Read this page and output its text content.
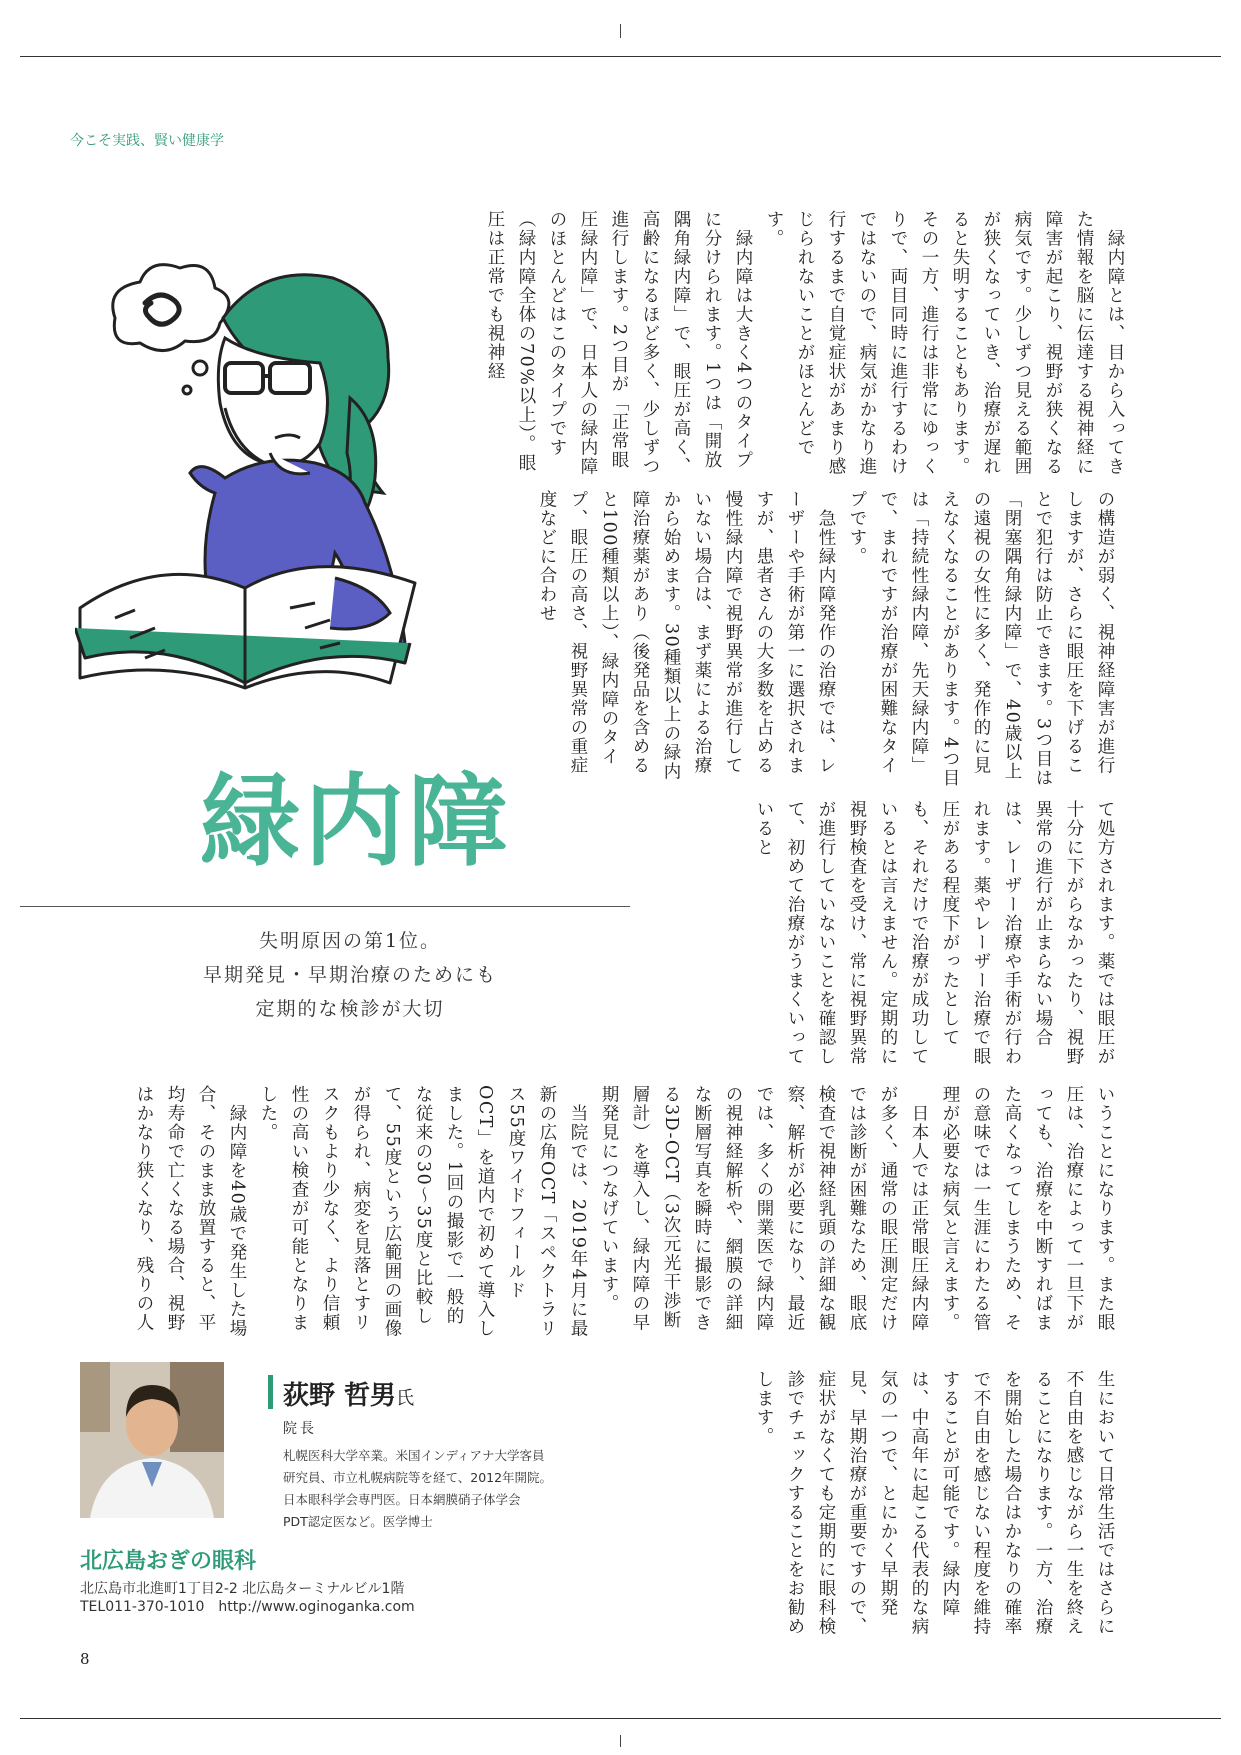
今こそ実践、賢い健康学

　緑内障とは、目から入ってきた情報を脳に伝達する視神経に障害が起こり、視野が狭くなる病気です。少しずつ見える範囲が狭くなっていき、治療が遅れると失明することもあります。その一方、進行は非常にゆっくりで、両目同時に進行するわけではないので、病気がかなり進行するまで自覚症状があまり感じられないことがほとんどです。

　緑内障は大きく4つのタイプに分けられます。1つは「開放隅角緑内障」で、眼圧が高く、高齢になるほど多く、少しずつ進行します。2つ目が「正常眼圧緑内障」で、日本人の緑内障のほとんどはこのタイプです（緑内障全体の70%以上）。眼圧は正常でも視神経

緑内障
失明原因の第1位。
早期発見・早期治療のためにも
定期的な検診が大切	て処方されます。薬では眼圧が十分に下がらなかったり、視野異常の進行が止まらない場合は、レーザー治療や手術が行われます。薬やレーザー治療で眼圧がある程度下がったとしても、それだけで治療が成功しているとは言えません。定期的に視野検査を受け、常に視野異常が進行していないことを確認して、初めて治療がうまくいっていると

いうことになります。また眼圧は、治療によって一旦下がっても、治療を中断すればまた高くなってしまうため、その意味では一生涯にわたる管理が必要な病気と言えます。

　日本人では正常眼圧緑内障が多く、通常の眼圧測定だけでは診断が困難なため、眼底検査で視神経乳頭の詳細な観察、解析が必要になり、最近では、多くの開業医で緑内障の視神経解析や、網膜の詳細な断層写真を瞬時に撮影できる3D-OCT（3次元光干渉断層計）を導入し、緑内障の早期発見につなげています。

　当院では、2019年4月に最新の広角OCT「スペクトラリス55度ワイドフィールドOCT」を道内で初めて導入しました。1回の撮影で一般的な従来の30～35度と比較して、55度という広範囲の画像が得られ、病変を見落とすリスクもより少なく、より信頼性の高い検査が可能となりました。

　緑内障を40歳で発生した場合、そのまま放置すると、平均寿命で亡くなる場合、視野はかなり狭くなり、残りの人

生において日常生活ではさらに不自由を感じながら一生を終えることになります。一方、治療を開始した場合はかなりの確率で不自由を感じない程度を維持することが可能です。緑内障は、中高年に起こる代表的な病気の一つで、とにかく早期発見、早期治療が重要ですので、症状がなくても定期的に眼科検診でチェックすることをお勧めします。

荻野 哲男氏
院長
札幌医科大学卒業。米国インディアナ大学客員
研究員、市立札幌病院等を経て、2012年開院。
日本眼科学会専門医。日本網膜硝子体学会
PDT認定医など。医学博士
北広島おぎの眼科
北広島市北進町1丁目2-2 北広島ターミナルビル1階
TEL011-370-1010 http://www.oginoganka.com
8

の構造が弱く、視神経障害が進行しますが、さらに眼圧を下げることで犯行は防止できます。3つ目は「閉塞隅角緑内障」で、40歳以上の遠視の女性に多く、発作的に見えなくなることがあります。4つ目は「持続性緑内障、先天緑内障」で、まれですが治療が困難なタイプです。

　急性緑内障発作の治療では、レーザーや手術が第一に選択されますが、患者さんの大多数を占める慢性緑内障で視野異常が進行していない場合は、まず薬による治療から始めます。30種類以上の緑内障治療薬があり（後発品を含めると100種類以上）、緑内障のタイプ、眼圧の高さ、視野異常の重症度などに合わせ
